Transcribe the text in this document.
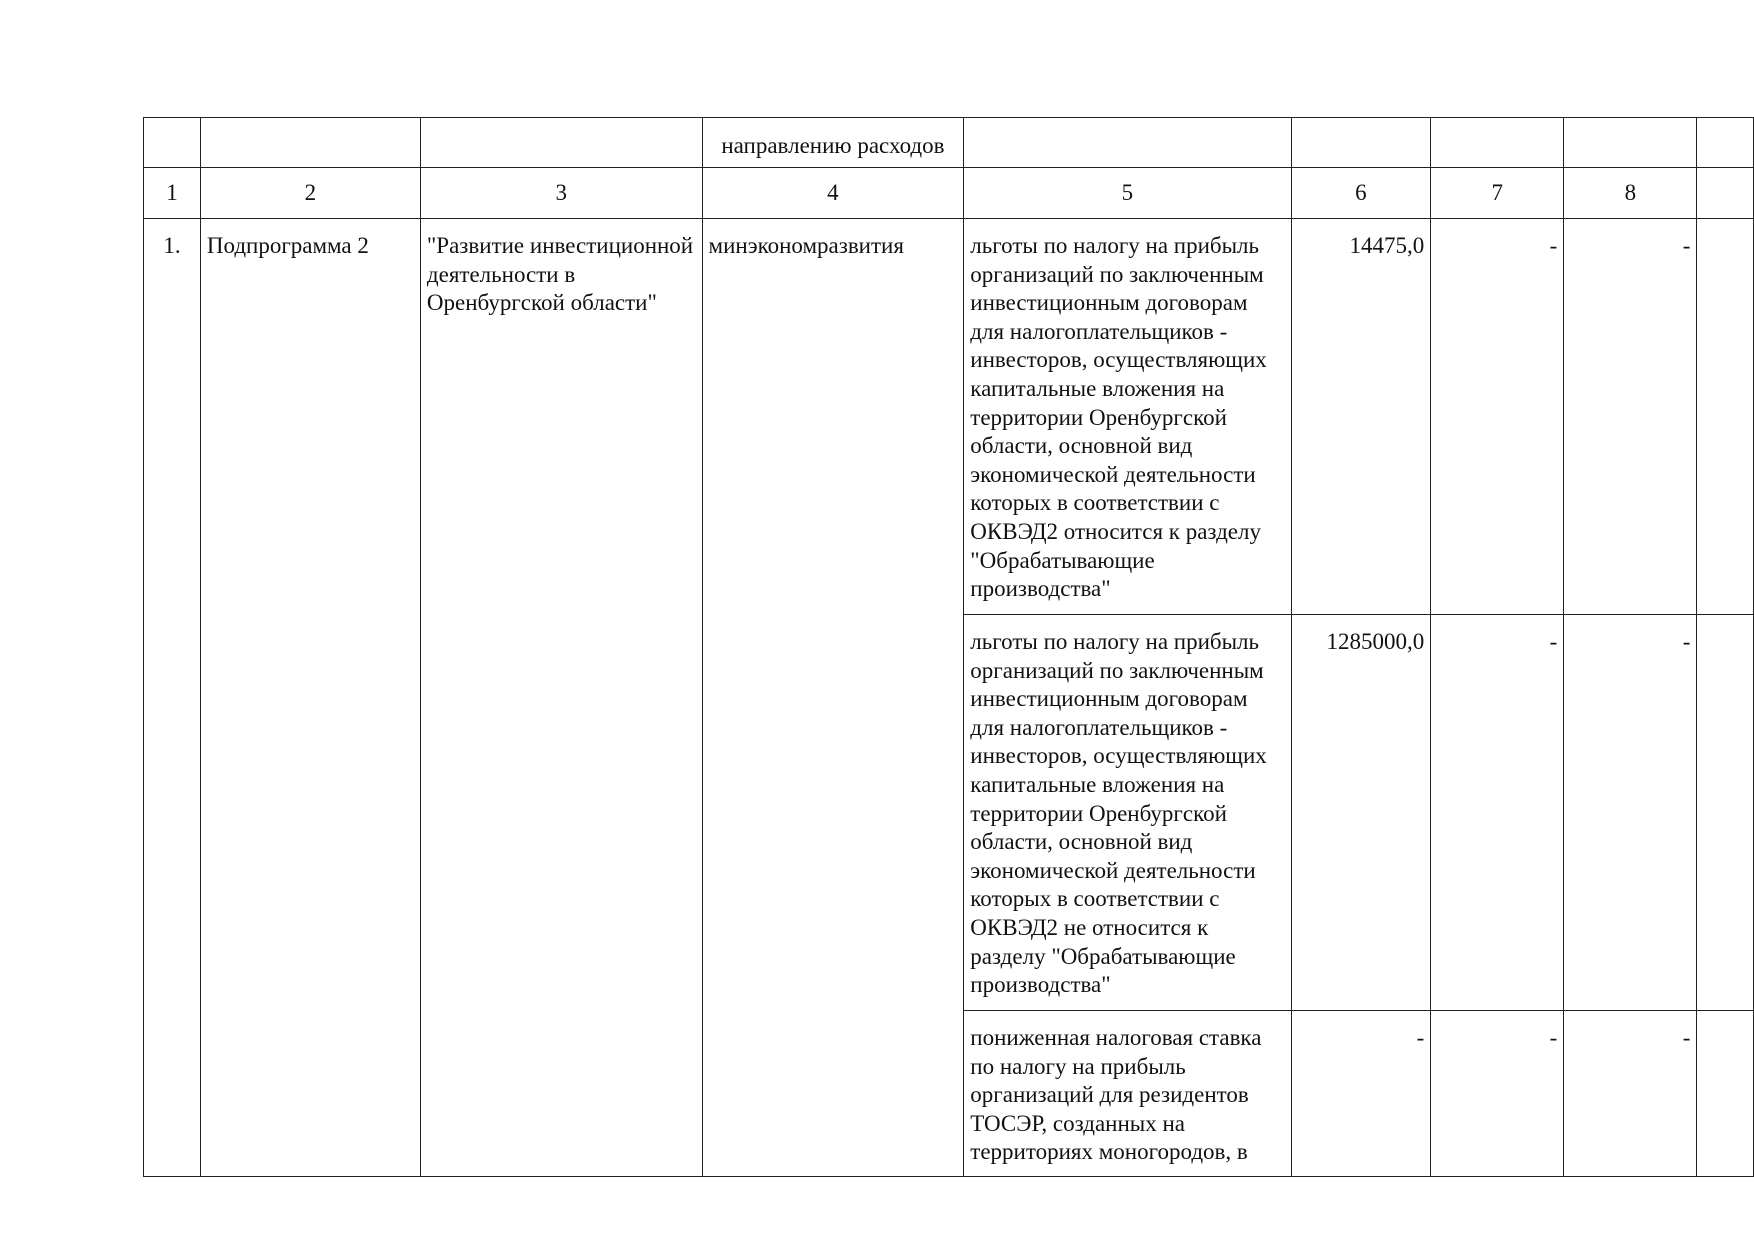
			направлению расходов					
1	2	3	4	5	6	7	8	
1.	Подпрограмма 2	"Развитие инвестиционной деятельности в Оренбургской области"	минэкономразвития	льготы по налогу на прибыль организаций по заключенным инвестиционным договорам для налогоплательщиков - инвесторов, осуществляющих капитальные вложения на территории Оренбургской области, основной вид экономической деятельности которых в соответствии с ОКВЭД2 относится к разделу "Обрабатывающие производства"	14475,0	-	-	
				льготы по налогу на прибыль организаций по заключенным инвестиционным договорам для налогоплательщиков - инвесторов, осуществляющих капитальные вложения на территории Оренбургской области, основной вид экономической деятельности которых в соответствии с ОКВЭД2 не относится к разделу "Обрабатывающие производства"	1285000,0	-	-	
				пониженная налоговая ставка по налогу на прибыль организаций для резидентов ТОСЭР, созданных на территориях моногородов, в	-	-	-	
